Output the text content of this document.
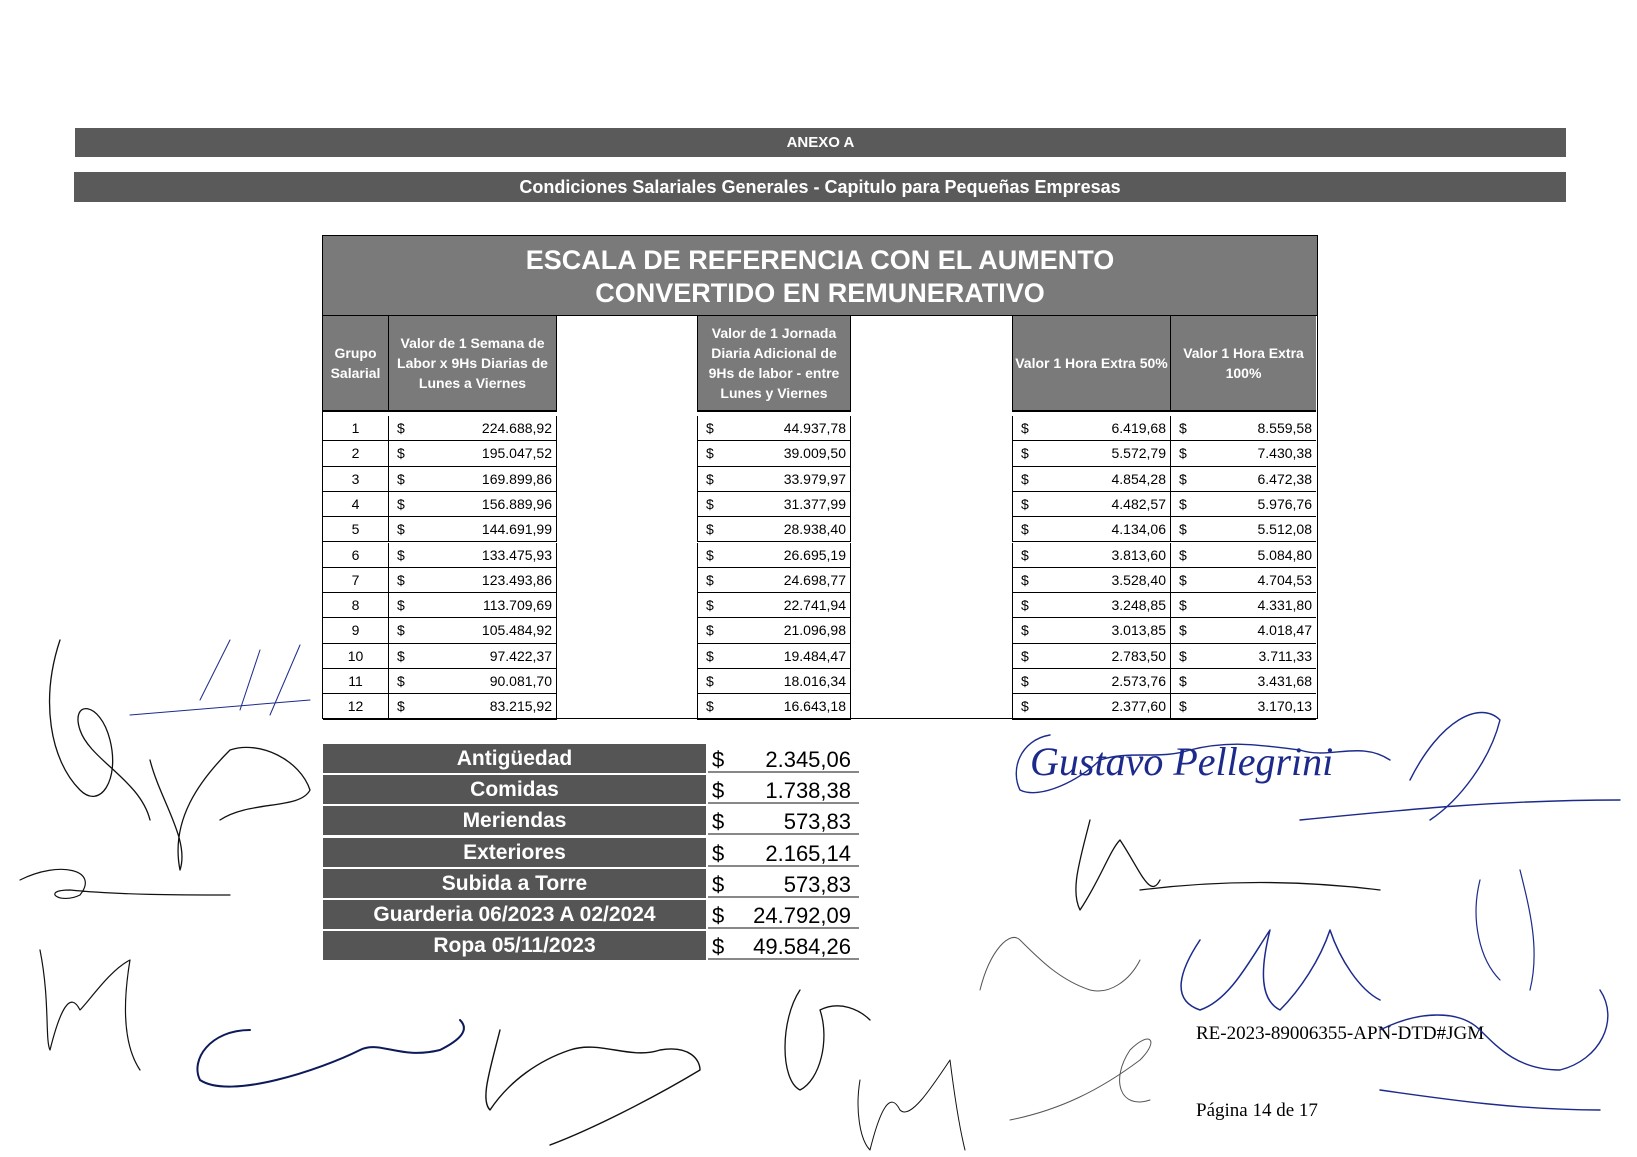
ANEXO A
Condiciones Salariales Generales - Capitulo para Pequeñas Empresas
ESCALA DE REFERENCIA CON EL AUMENTO
CONVERTIDO EN REMUNERATIVO
Grupo Salarial
Valor de 1 Semana de Labor x 9Hs Diarias de Lunes a Viernes
Valor de 1 Jornada Diaria Adicional de 9Hs de labor - entre Lunes y Viernes
Valor 1 Hora Extra 50%
Valor 1 Hora Extra 100%
1	$	224.688,92	$	44.937,78	$	6.419,68 $	8.559,58
2	$	195.047,52	$	39.009,50	$	5.572,79 $	7.430,38
3	$	169.899,86	$	33.979,97	$	4.854,28 $	6.472,38
4	$	156.889,96	$	31.377,99	$	4.482,57 $	5.976,76
5	$	144.691,99	$	28.938,40	$	4.134,06 $	5.512,08
6	$	133.475,93	$	26.695,19	$	3.813,60 $	5.084,80
7	$	123.493,86	$	24.698,77	$	3.528,40 $	4.704,53
8	$	113.709,69	$	22.741,94	$	3.248,85 $	4.331,80
9	$	105.484,92	$	21.096,98	$	3.013,85 $	4.018,47
10	$	97.422,37	$	19.484,47	$	2.783,50 $	3.711,33
11	$	90.081,70	$	18.016,34	$	2.573,76 $	3.431,68
12	$	83.215,92	$	16.643,18	$	2.377,60 $	3.170,13
Antigüedad	$ 2.345,06
Comidas	$ 1.738,38
Meriendas	$	573,83
Exteriores	$ 2.165,14
Subida a Torre	$	573,83
Guarderia 06/2023 A 02/2024	$ 24.792,09
Ropa 05/11/2023	$ 49.584,26
RE-2023-89006355-APN-DTD#JGM
Página 14 de 17
Gustavo Pellegrini
